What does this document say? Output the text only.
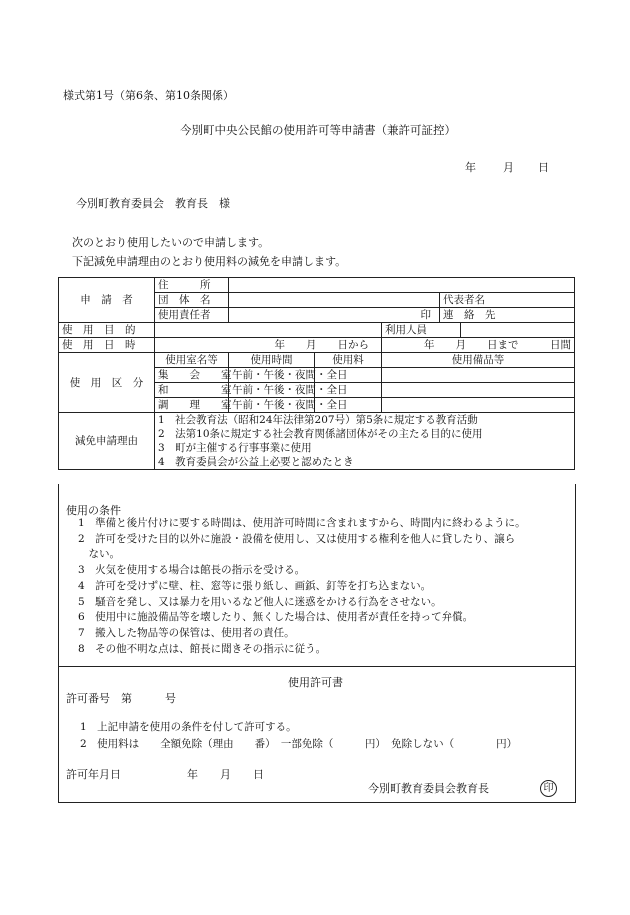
様式第1号（第6条、第10条関係）
今別町中央公民館の使用許可等申請書（兼許可証控）
年 月 日
今別町教育委員会　教育長　様
次のとおり使用したいので申請します。
下記減免申請理由のとおり使用料の減免を申請します。
申　請　者	住　　　所						
	団　体　名				代表者名		
	使用責任者	印			連　絡　先	
使　用　目　的				利用人員			
使　用　日　時	年　　月　　日から			年　　月　　日まで　　　日間			
使　用　区　分	使用室名等	使用時間	使用料	使用備品等			
	集　　会　　室	午前・午後・夜間・全日					
	和　　　　　室	午前・午後・夜間・全日					
	調　　理　　室	午前・午後・夜間・全日					
減免申請理由	1　社会教育法（昭和24年法律第207号）第5条に規定する教育活動						
	2　法第10条に規定する社会教育関係諸団体がその主たる目的に使用						
	3　町が主催する行事事業に使用						
	4　教育委員会が公益上必要と認めたとき						
使用の条件
1　準備と後片付けに要する時間は、使用許可時間に含まれますから、時間内に終わるように。
2　許可を受けた目的以外に施設・設備を使用し、又は使用する権利を他人に貸したり、譲ら
　ない。
3　火気を使用する場合は館長の指示を受ける。
4　許可を受けずに壁、柱、窓等に張り紙し、画鋲、釘等を打ち込まない。
5　騒音を発し、又は暴力を用いるなど他人に迷惑をかける行為をさせない。
6　使用中に施設備品等を壊したり、無くした場合は、使用者が責任を持って弁償。
7　搬入した物品等の保管は、使用者の責任。
8　その他不明な点は、館長に聞きその指示に従う。
使用許可書
許可番号　第　　　号
1　上記申請を使用の条件を付して許可する。
2　使用料は　　全額免除（理由　　番）　一部免除（　　　円）　免除しない（　　　　円）
許可年月日　　　　　　年　　月　　日
今別町教育委員会教育長	印
